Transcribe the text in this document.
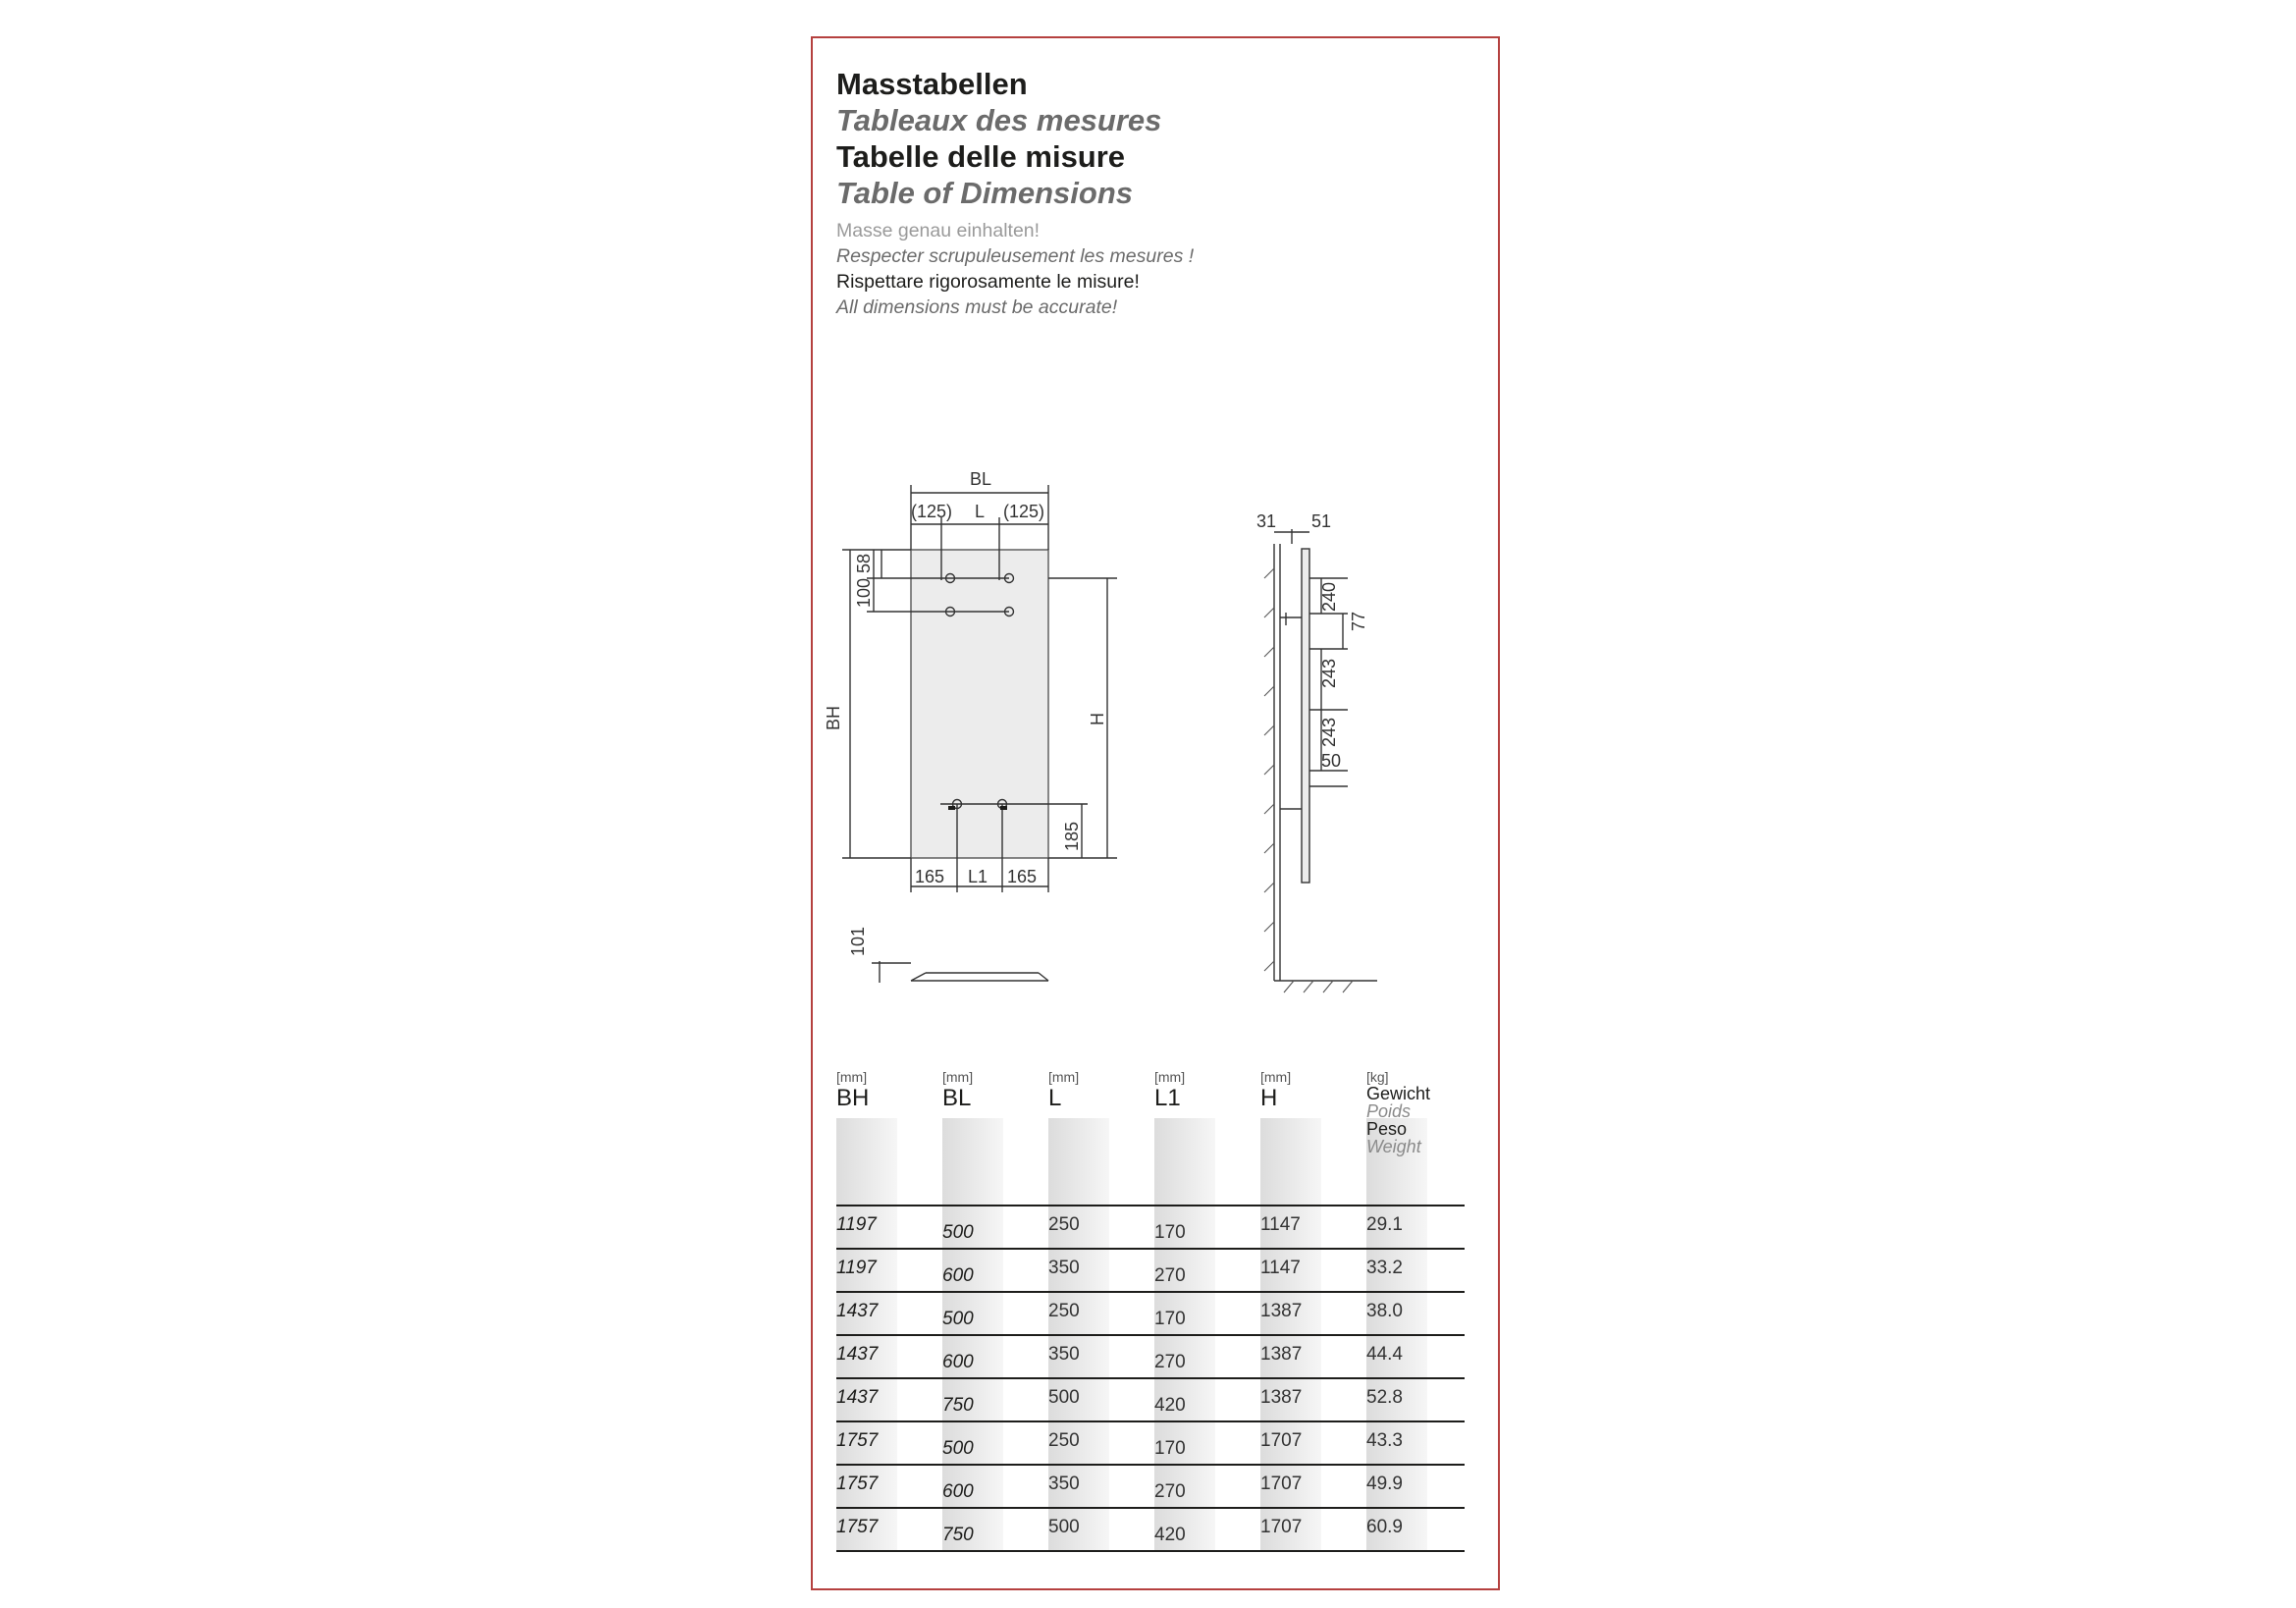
Masstabellen
Tableaux des mesures
Tabelle delle misure
Table of Dimensions
Masse genau einhalten!
Respecter scrupuleusement les mesures !
Rispettare rigorosamente le misure!
All dimensions must be accurate!
BL
L
(125)	(125)
58
100
BH	H
185
165 L1 165
101
31 51
240
77
243
243
50
[mm]
BH
[mm]
BL
[mm]
L
[mm]
L1
[mm]
H
[kg]
Gewicht
Poids
Peso
Weight
1197	500	250	170	1147	29.1
1197	600	350	270	1147	33.2
1437	500	250	170	1387	38.0
1437	600	350	270	1387	44.4
1437	750	500	420	1387	52.8
1757	500	250	170	1707	43.3
1757	600	350	270	1707	49.9
1757	750	500	420	1707	60.9
